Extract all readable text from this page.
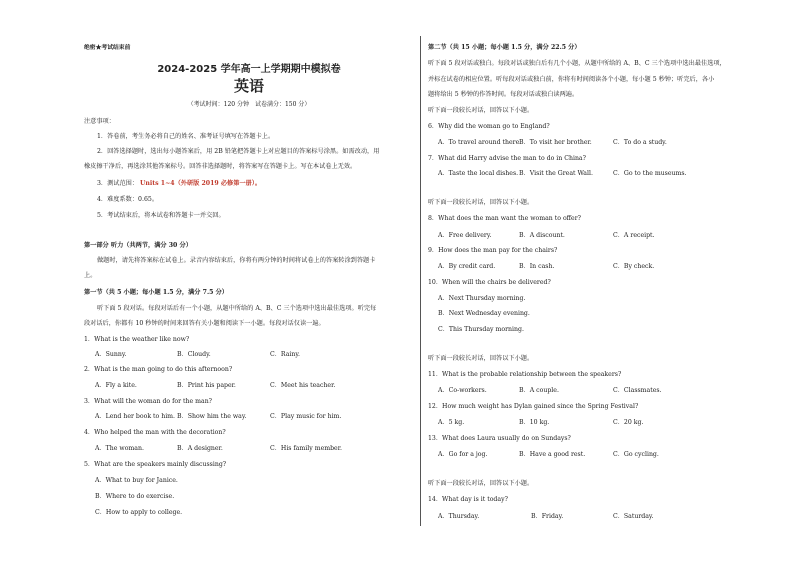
绝密★考试结束前
2024-2025 学年高一上学期期中模拟卷
英语
（考试时间：120 分钟　试卷满分：150 分）
注意事项：
1．答卷前，考生务必将自己的姓名、准考证号填写在答题卡上。
2．回答选择题时，选出每小题答案后，用 2B 铅笔把答题卡上对应题目的答案标号涂黑。如需改动，用
橡皮擦干净后，再选涂其他答案标号。回答非选择题时，将答案写在答题卡上。写在本试卷上无效。
3．测试范围： Units 1~4（外研版 2019 必修第一册）。
4．难度系数：0.65。
5．考试结束后，将本试卷和答题卡一并交回。
第一部分 听力（共两节，满分 30 分）
做题时，请先将答案标在试卷上。录音内容结束后，你将有两分钟的时间将试卷上的答案转涂到答题卡
上。
第一节（共 5 小题；每小题 1.5 分，满分 7.5 分）
听下面 5 段对话。每段对话后有一个小题，从题中所给的 A、B、C 三个选项中选出最佳选项。听完每
段对话后，你都有 10 秒钟的时间来回答有关小题和阅读下一小题。每段对话仅读一遍。
1．What is the weather like now?
A．Sunny.	B．Cloudy.	C．Rainy.
2．What is the man going to do this afternoon?
A．Fly a kite.	B．Print his paper.	C．Meet his teacher.
3．What will the woman do for the man?
A．Lend her book to him. B．Show him the way.	C．Play music for him.
4．Who helped the man with the decoration?
A．The woman.	B．A designer.	C．His family member.
5．What are the speakers mainly discussing?
A．What to buy for Janice.
B．Where to do exercise.
C．How to apply to college.
第二节（共 15 小题；每小题 1.5 分，满分 22.5 分）
听下面 5 段对话或独白。每段对话或独白后有几个小题，从题中所给的 A、B、C 三个选项中选出最佳选项，
并标在试卷的相应位置。听每段对话或独白前，你将有时间阅读各个小题，每小题 5 秒钟；听完后，各小
题将给出 5 秒钟的作答时间。每段对话或独白读两遍。
听下面一段较长对话，回答以下小题。
6．Why did the woman go to England?
A．To travel around there.
B．To visit her brother.	C．To do a study.
7．What did Harry advise the man to do in China?
A．Taste the local dishes. B．Visit the Great Wall.	C．Go to the museums.
听下面一段较长对话，回答以下小题。
8．What does the man want the woman to offer?
A．Free delivery.	B．A discount.	C．A receipt.
9．How does the man pay for the chairs?
A．By credit card.	B．In cash.	C．By check.
10．When will the chairs be delivered?
A．Next Thursday morning.
B．Next Wednesday evening.
C．This Thursday morning.
听下面一段较长对话，回答以下小题。
11．What is the probable relationship between the speakers?
A．Co-workers.	B．A couple.	C．Classmates.
12．How much weight has Dylan gained since the Spring Festival?
A．5 kg.	B．10 kg.	C．20 kg.
13．What does Laura usually do on Sundays?
A．Go for a jog.	B．Have a good rest.	C．Go cycling.
听下面一段较长对话，回答以下小题。
14．What day is it today?
A．Thursday.	B．Friday.	C．Saturday.
